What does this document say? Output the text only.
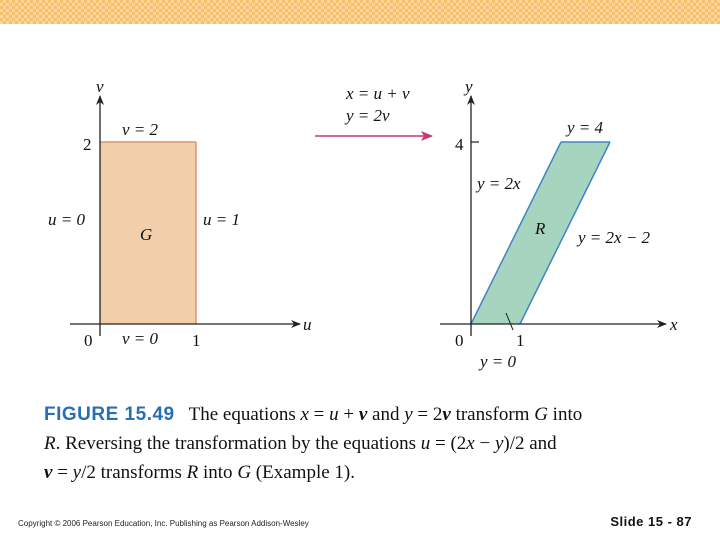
v
u
2
0	1
v = 2
u = 0	u = 1
v = 0
G
x = u + v
y = 2v
y
x
4
0	1
y = 4
y = 2x
y = 2x − 2
y = 0
R
FIGURE 15.49 The equations x = u + v and y = 2v transform G into
R. Reversing the transformation by the equations u = (2x − y)/2 and
v = y/2 transforms R into G (Example 1).
Copyright © 2006 Pearson Education, Inc. Publishing as Pearson Addison-Wesley	Slide 15 - 87
